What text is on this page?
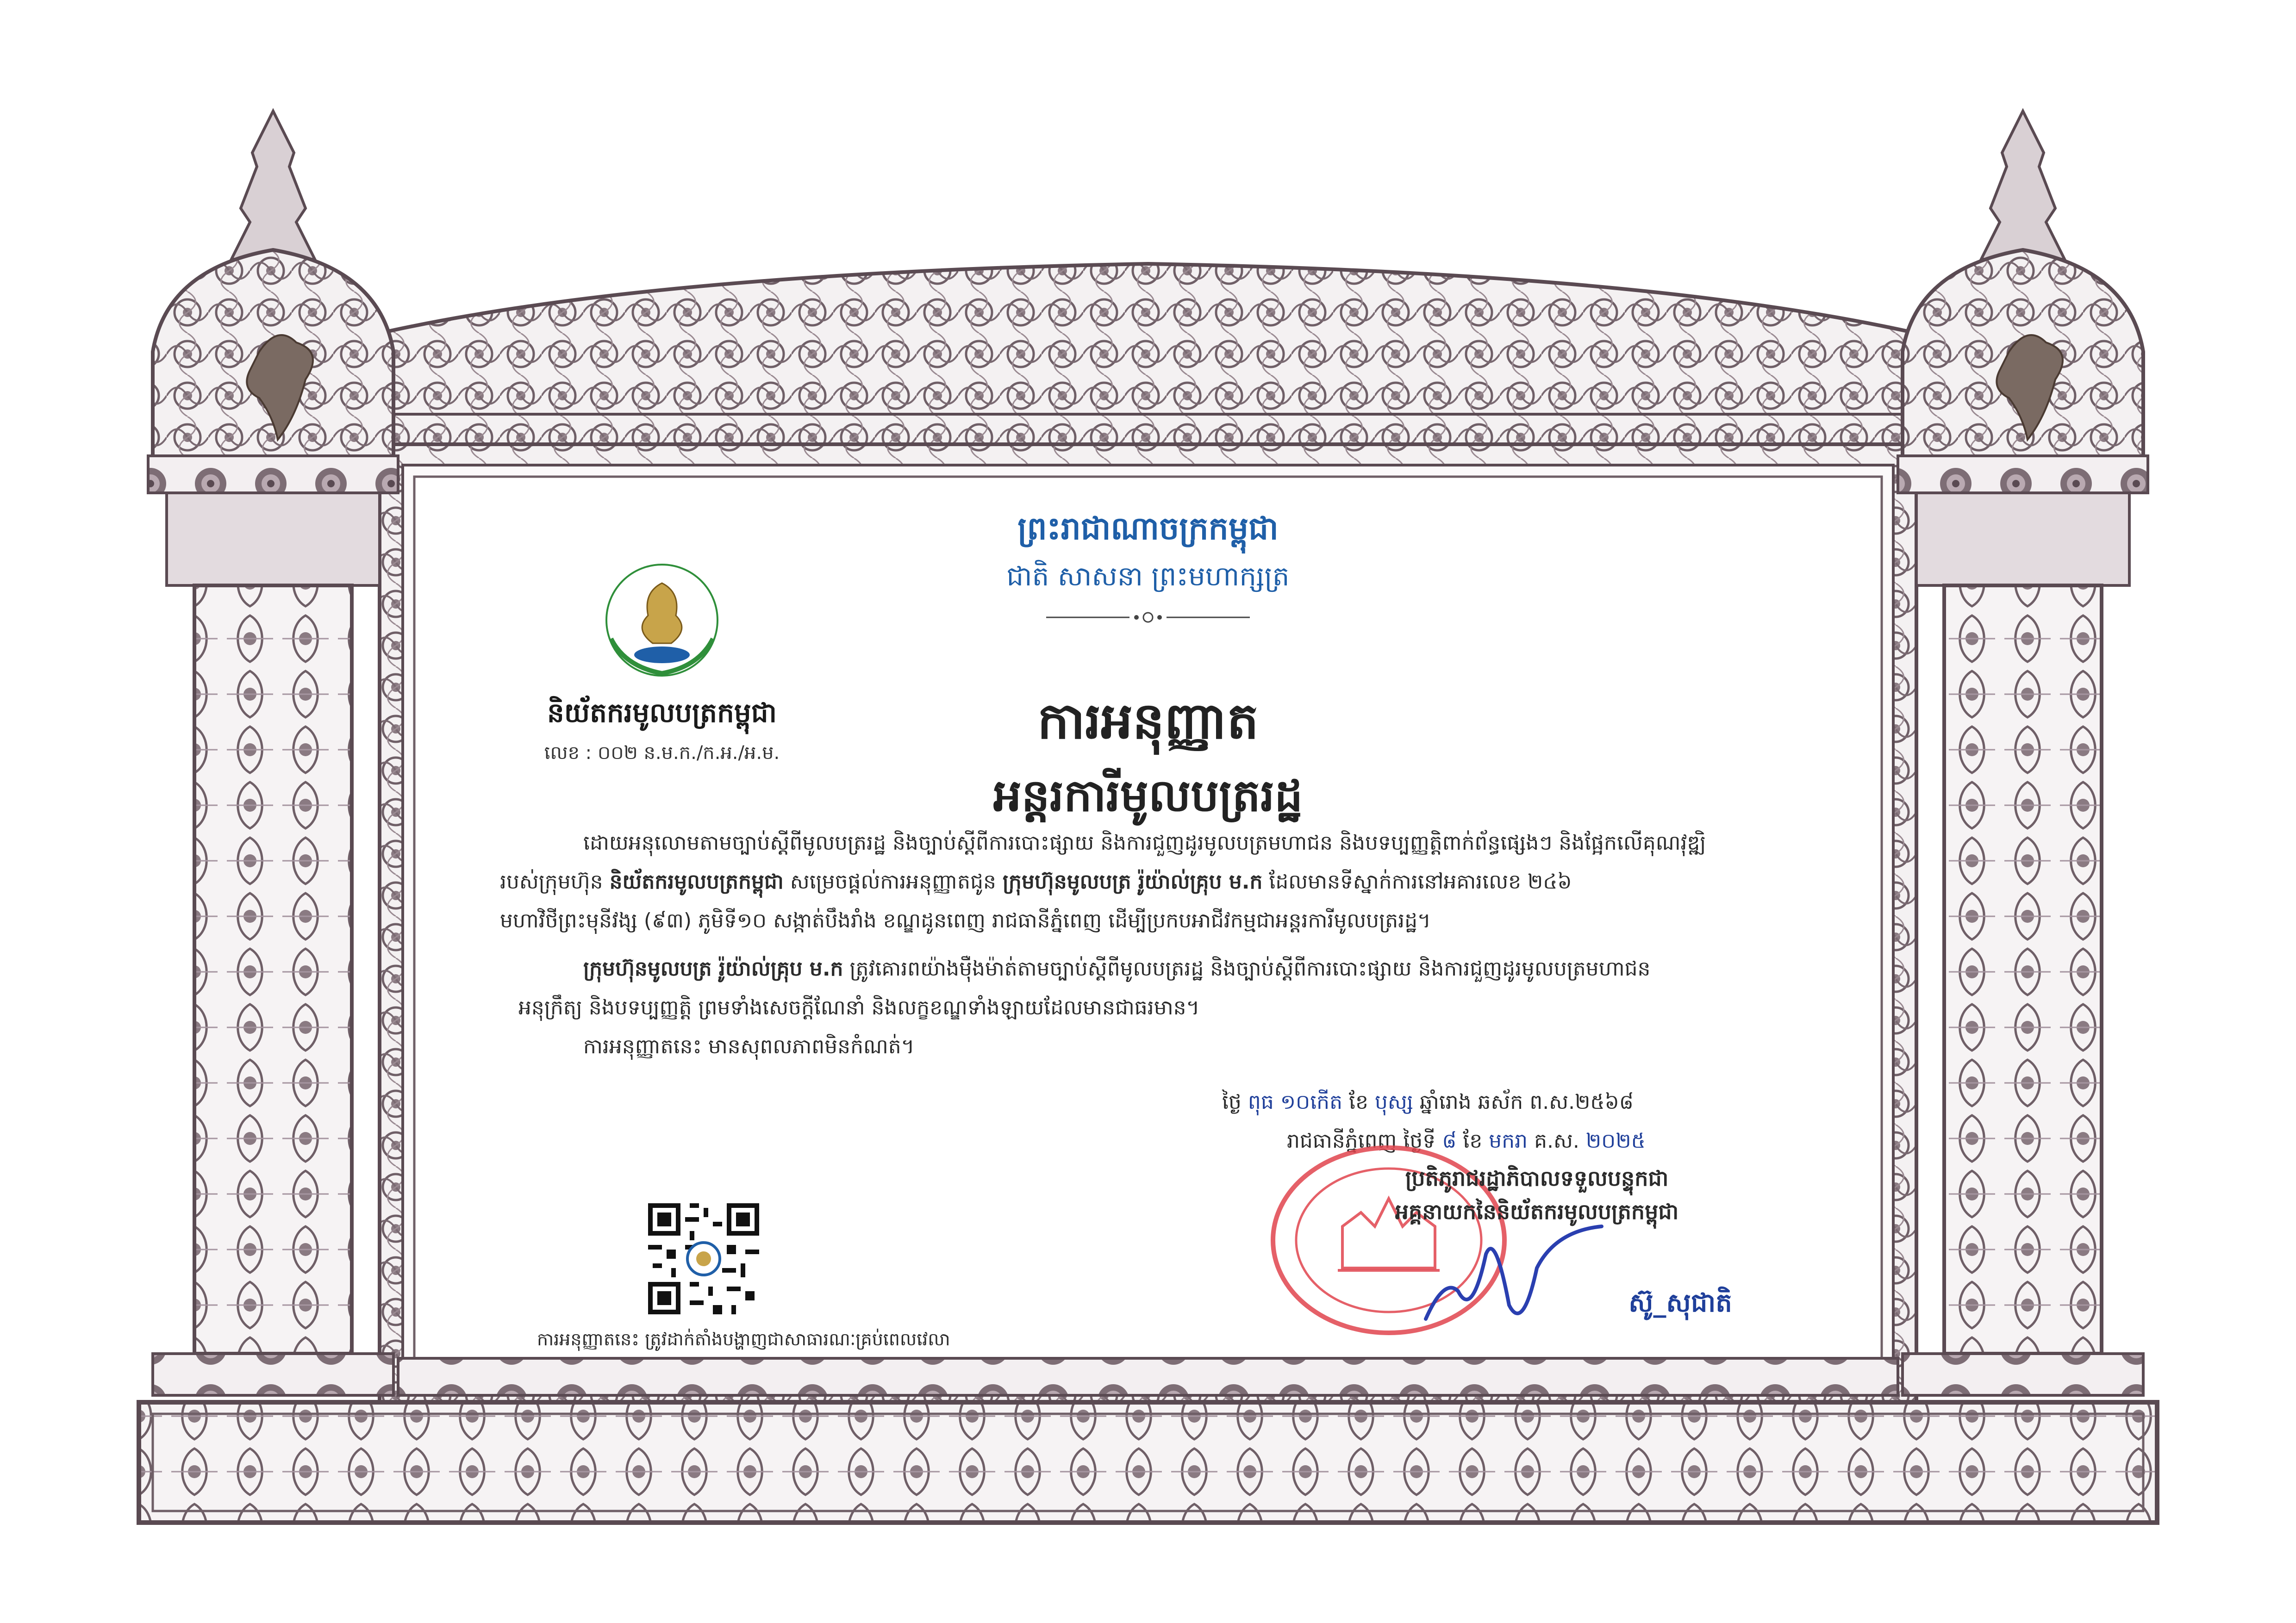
ព្រះរាជាណាចក្រកម្ពុជា
ជាតិ សាសនា ព្រះមហាក្សត្រ
និយ័តករមូលបត្រកម្ពុជា
លេខ : ០០២ ន.ម.ក./ក.អ./អ.ម.
ការអនុញ្ញាត
អន្តរការីមូលបត្ររដ្ឋ
ដោយអនុលោមតាមច្បាប់ស្តីពីមូលបត្ររដ្ឋ និងច្បាប់ស្តីពីការបោះផ្សាយ និងការជួញដូរមូលបត្រមហាជន និងបទប្បញ្ញត្តិពាក់ព័ន្ធផ្សេងៗ និងផ្អែកលើគុណវុឌ្ឍិ
របស់ក្រុមហ៊ុន និយ័តករមូលបត្រកម្ពុជា សម្រេចផ្តល់ការអនុញ្ញាតជូន ក្រុមហ៊ុនមូលបត្រ រ៉ូយ៉ាល់គ្រុប ម.ក ដែលមានទីស្នាក់ការនៅអគារលេខ ២៤៦
មហាវិថីព្រះមុនីវង្ស (៩៣) ភូមិទី១០ សង្កាត់បឹងរាំង ខណ្ឌដូនពេញ រាជធានីភ្នំពេញ ដើម្បីប្រកបអាជីវកម្មជាអន្តរការីមូលបត្ររដ្ឋ។
ក្រុមហ៊ុនមូលបត្រ រ៉ូយ៉ាល់គ្រុប ម.ក ត្រូវគោរពយ៉ាងម៉ឺងម៉ាត់តាមច្បាប់ស្តីពីមូលបត្ររដ្ឋ និងច្បាប់ស្តីពីការបោះផ្សាយ និងការជួញដូរមូលបត្រមហាជន
អនុក្រឹត្យ និងបទប្បញ្ញត្តិ ព្រមទាំងសេចក្តីណែនាំ និងលក្ខខណ្ឌទាំងឡាយដែលមានជាធរមាន។
ការអនុញ្ញាតនេះ មានសុពលភាពមិនកំណត់។
ថ្ងៃ ពុធ ១០កើត ខែ បុស្ស ឆ្នាំរោង ឆស័ក ព.ស.២៥៦៨
រាជធានីភ្នំពេញ ថ្ងៃទី ៨ ខែ មករា គ.ស. ២០២៥
ប្រតិភូរាជរដ្ឋាភិបាលទទួលបន្ទុកជា
អគ្គនាយកនៃនិយ័តករមូលបត្រកម្ពុជា
ស៊ូ_សុជាតិ
ការអនុញ្ញាតនេះ ត្រូវដាក់តាំងបង្ហាញជាសាធារណៈគ្រប់ពេលវេលា
